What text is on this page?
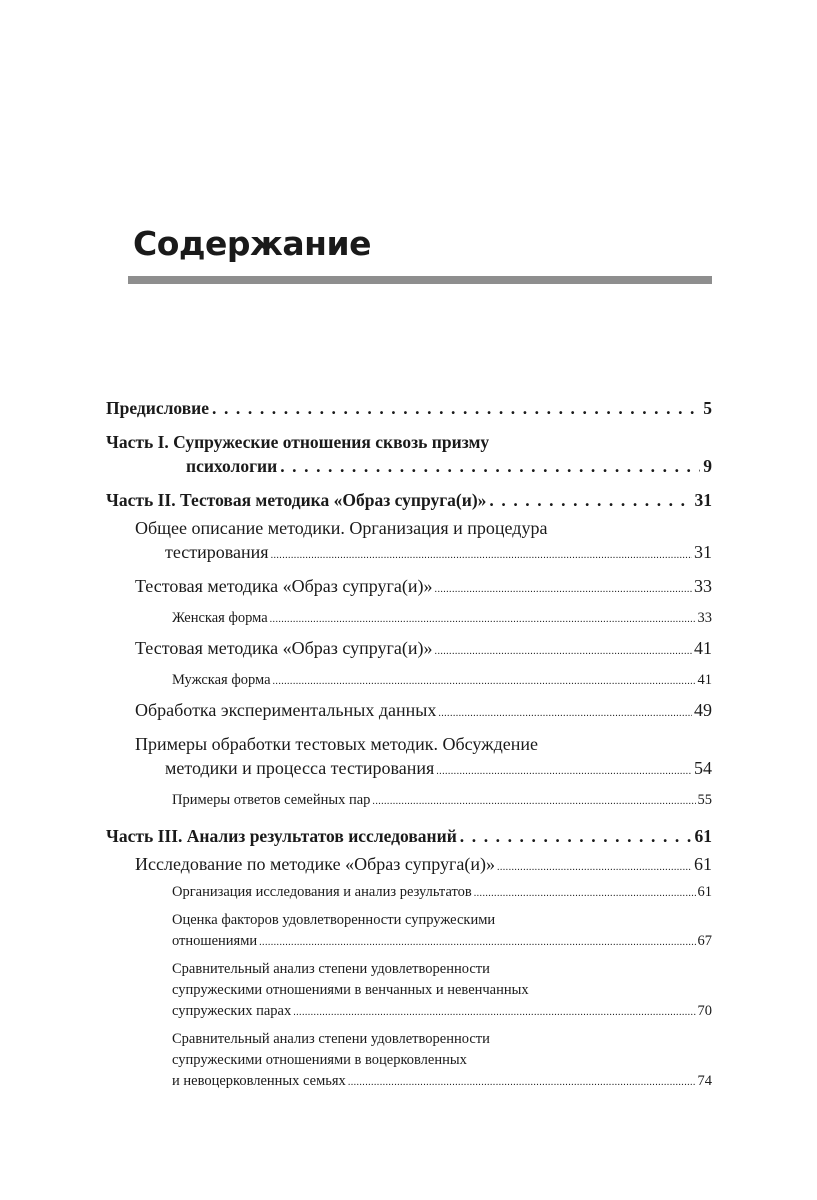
Содержание
Предисловие . . .	5
Часть I. Супружеские отношения сквозь призму
психологии . . .	9
Часть II. Тестовая методика «Образ супруга(и)» . . .	31
Общее описание методики. Организация и процедура
тестирования .....	31
Тестовая методика «Образ супруга(и)» .....	33
Женская форма .....	33
Тестовая методика «Образ супруга(и)» .....	41
Мужская форма .....	41
Обработка экспериментальных данных .....	49
Примеры обработки тестовых методик. Обсуждение
методики и процесса тестирования .....	54
Примеры ответов семейных пар .....	55
Часть III. Анализ результатов исследований . . .	61
Исследование по методике «Образ супруга(и)» .....	61
Организация исследования и анализ результатов .....	61
Оценка факторов удовлетворенности супружескими
отношениями .....	67
Сравнительный анализ степени удовлетворенности
супружескими отношениями в венчанных и невенчанных
супружеских парах .....	70
Сравнительный анализ степени удовлетворенности
супружескими отношениями в воцерковленных
и невоцерковленных семьях .....	74
